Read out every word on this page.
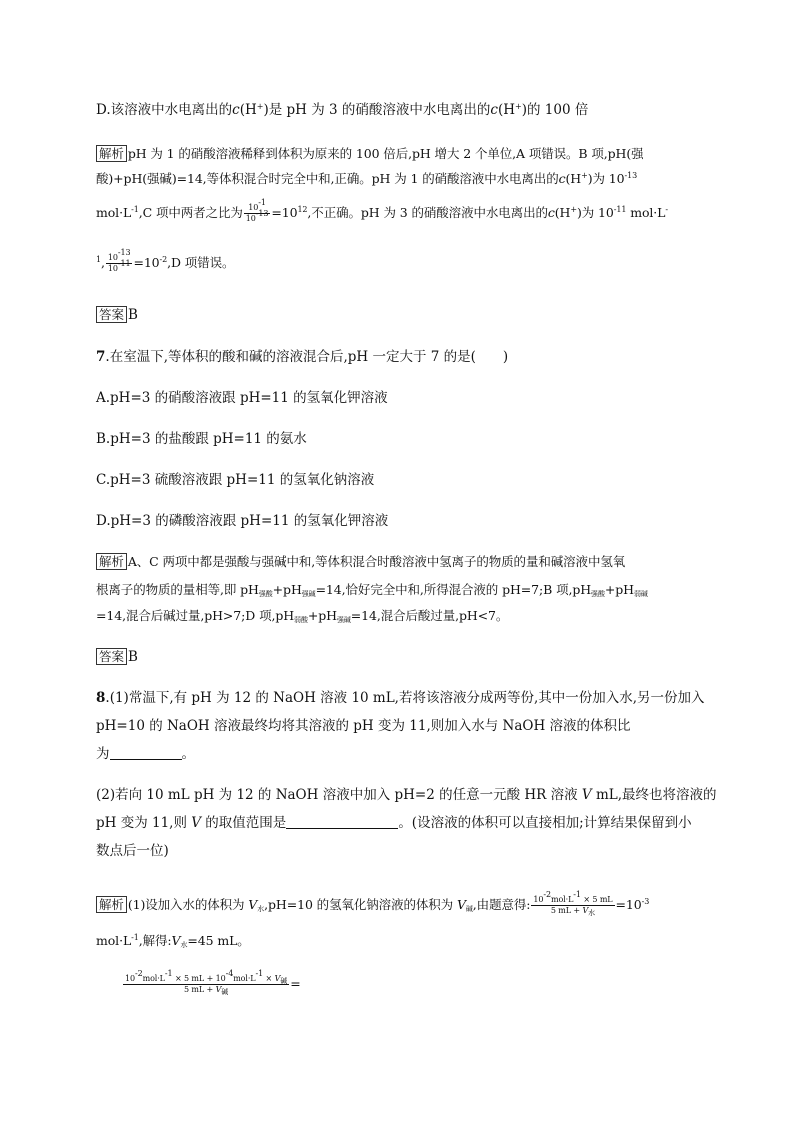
D.该溶液中水电离出的c(H+)是 pH 为 3 的硝酸溶液中水电离出的c(H+)的 100 倍
解析 pH 为 1 的硝酸溶液稀释到体积为原来的 100 倍后,pH 增大 2 个单位,A 项错误。B 项,pH(强
酸)+pH(强碱)=14,等体积混合时完全中和,正确。pH 为 1 的硝酸溶液中水电离出的c(H+)为 $10^{-13}$
$mol\cdot L^{-1},C$ 项中两者之比为 $\frac{10^{-1}}{10^{-13}} =10^{12}$,不正确。pH 为 3 的硝酸溶液中水电离出的c(H+)为 $10^{-11}$ mol·L-
$^1$, $\frac{10^{-13}}{10^{-11}} =10^{-2},D$ 项错误。
答案 B
7.在室温下,等体积的酸和碱的溶液混合后,pH 一定大于 7 的是(　　)
A.pH=3 的硝酸溶液跟 pH=11 的氢氧化钾溶液
B.pH=3 的盐酸跟 pH=11 的氨水
C.pH=3 硫酸溶液跟 pH=11 的氢氧化钠溶液
D.pH=3 的磷酸溶液跟 pH=11 的氢氧化钾溶液
解析 A、C 两项中都是强酸与强碱中和,等体积混合时酸溶液中氢离子的物质的量和碱溶液中氢氧
根离子的物质的量相等,即 $pH_{强酸}+pH_{强碱}=14$,恰好完全中和,所得混合液的 pH=7;B 项$,pH_{强酸}+pH_{弱碱}$
=14,混合后碱过量,pH>7;D 项$,pH_{弱酸}+pH_{强碱}=14$,混合后酸过量,pH<7。
答案 B
8.(1)常温下,有 pH 为 12 的 NaOH 溶液 10 mL,若将该溶液分成两等份,其中一份加入水,另一份加入
pH=10 的 NaOH 溶液最终均将其溶液的 pH 变为 11,则加入水与 NaOH 溶液的体积比
为	。
(2)若向 10 mL pH 为 12 的 NaOH 溶液中加入 pH=2 的任意一元酸 HR 溶液 V mL,最终也将溶液的
pH 变为 11,则 V 的取值范围是	。(设溶液的体积可以直接相加;计算结果保留到小
数点后一位)
解析 (1)设加入水的体积为 $V_水,pH=10$ 的氢氧化钠溶液的体积为 $V_碱$,由题意得: $\frac{10^{-2}mol\cdot L^{-1} \times 5 mL}{5 mL + V_水} =10^{-3}$
$mol\cdot L^{-1}$,解得$:V_水=45$ mL。
$\frac{10^{-2}mol\cdot L^{-1} \times 5 mL + 10^{-4}mol\cdot L^{-1} \times V_碱}{5 mL + V_碱}$ =
